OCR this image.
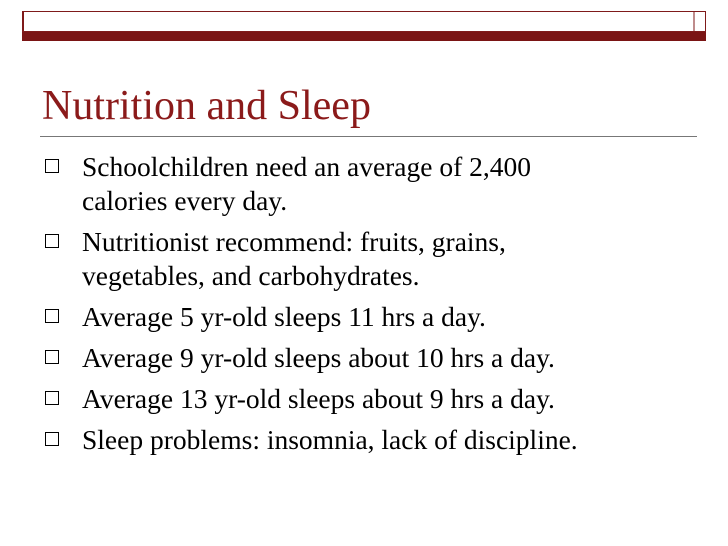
Nutrition and Sleep
Schoolchildren need an average of 2,400
calories every day.
Nutritionist recommend: fruits, grains,
vegetables, and carbohydrates.
Average 5 yr-old sleeps 11 hrs a day.
Average 9 yr-old sleeps about 10 hrs a day.
Average 13 yr-old sleeps about 9 hrs a day.
Sleep problems: insomnia, lack of discipline.
